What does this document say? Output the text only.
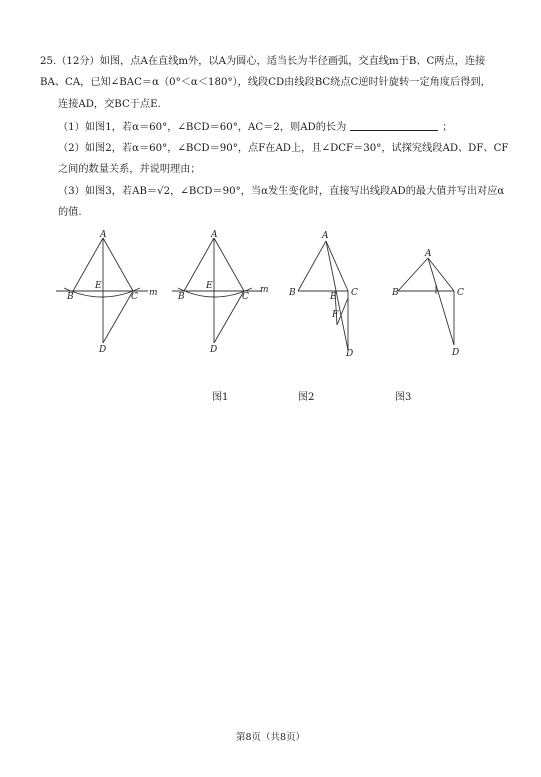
25.（12分）如图，点A在直线m外，以A为圆心，适当长为半径画弧，交直线m于B、C两点，连接
BA、CA，已知∠BAC＝α（0°＜α＜180°），线段CD由线段BC绕点C逆时针旋转一定角度后得到，
连接AD，交BC于点E.
（1）如图1，若α＝60°，∠BCD＝60°，AC＝2，则AD的长为	；
（2）如图2，若α＝60°，∠BCD＝90°，点F在AD上，且∠DCF＝30°，试探究线段AD、DF、CF
之间的数量关系，并说明理由；
（3）如图3，若AB＝√2，∠BCD＝90°，当α发生变化时，直接写出线段AD的最大值并写出对应α
的值.
A
B
E
C m
D
A
B
E
C
m
D
A
B	E C
F
D
A
B	C
D
图1	图2	图3
第8页（共8页）
